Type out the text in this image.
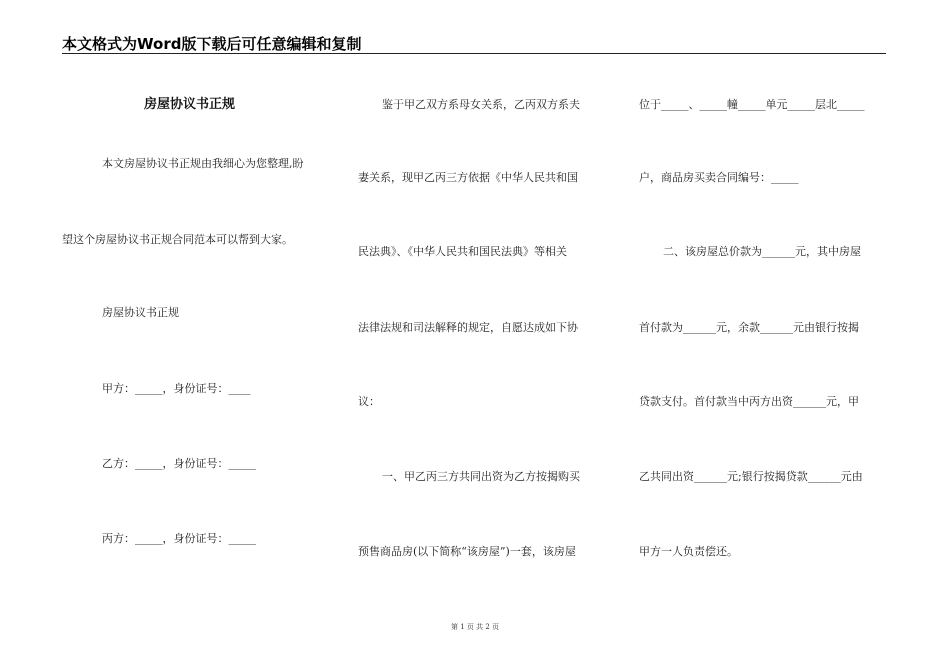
本文格式为Word版下载后可任意编辑和复制
房屋协议书正规
本文房屋协议书正规由我细心为您整理,盼
望这个房屋协议书正规合同范本可以帮到大家。
房屋协议书正规
甲方：_____，身份证号：____
乙方：_____，身份证号：_____
丙方：_____，身份证号：_____
鉴于甲乙双方系母女关系，乙丙双方系夫
妻关系，现甲乙丙三方依据《中华人民共和国
民法典》、《中华人民共和国民法典》等相关
法律法规和司法解释的规定，自愿达成如下协
议：
一、甲乙丙三方共同出资为乙方按揭购买
预售商品房(以下简称“该房屋”)一套，该房屋
位于_____、_____幢_____单元_____层北_____
户，商品房买卖合同编号：_____
二、该房屋总价款为______元，其中房屋
首付款为______元，余款______元由银行按揭
贷款支付。首付款当中丙方出资______元，甲
乙共同出资______元;银行按揭贷款______元由
甲方一人负责偿还。
第 1 页 共 2 页
